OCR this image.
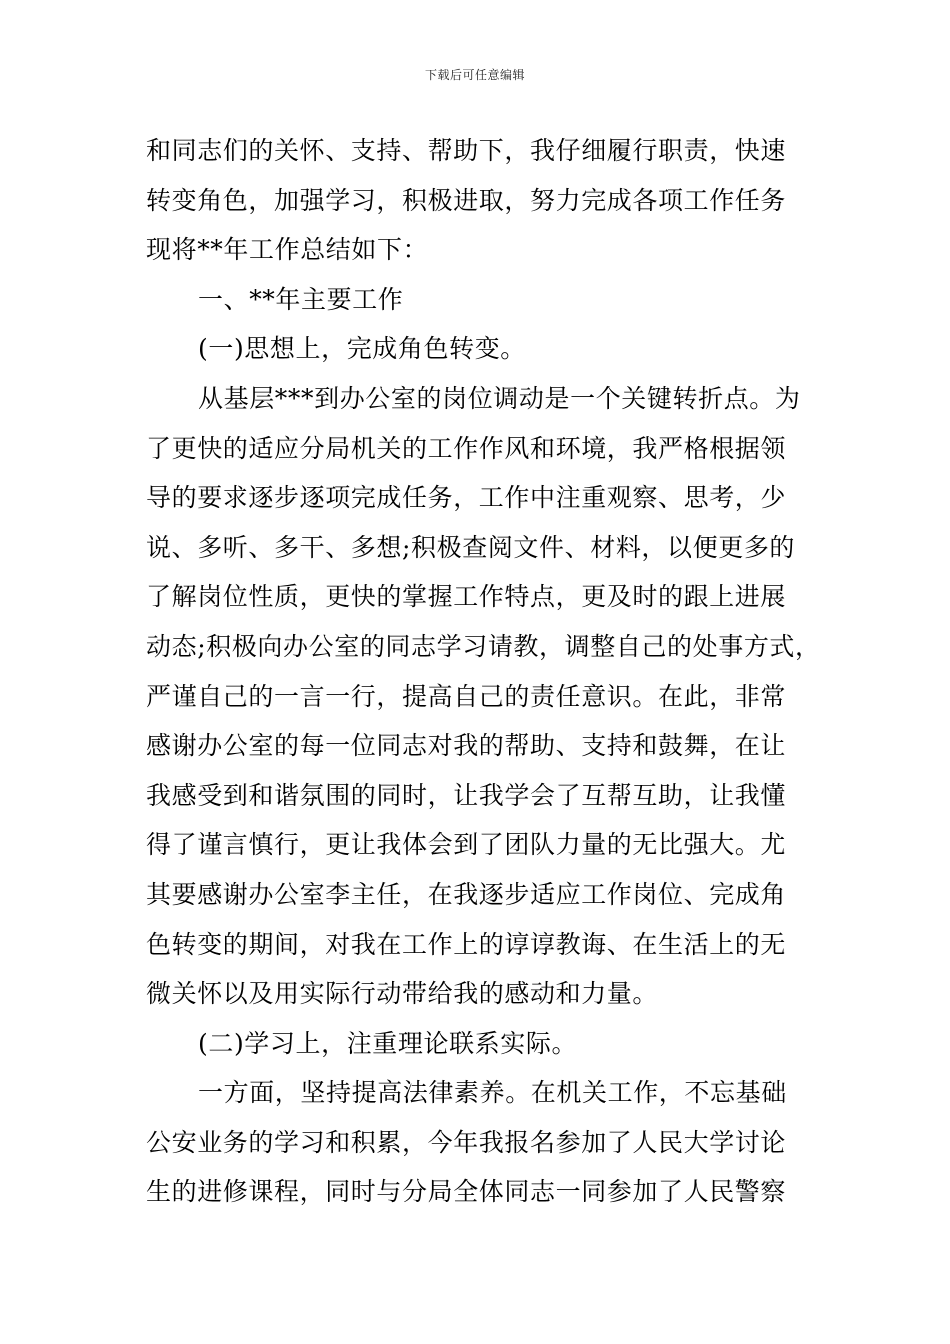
下载后可任意编辑
和同志们的关怀、支持、帮助下，我仔细履行职责，快速
转变角色，加强学习，积极进取，努力完成各项工作任务
现将**年工作总结如下：
一、**年主要工作
(一)思想上，完成角色转变。
从基层***到办公室的岗位调动是一个关键转折点。为
了更快的适应分局机关的工作作风和环境，我严格根据领
导的要求逐步逐项完成任务，工作中注重观察、思考，少
说、多听、多干、多想;积极查阅文件、材料，以便更多的
了解岗位性质，更快的掌握工作特点，更及时的跟上进展
动态;积极向办公室的同志学习请教，调整自己的处事方式，
严谨自己的一言一行，提高自己的责任意识。在此，非常
感谢办公室的每一位同志对我的帮助、支持和鼓舞，在让
我感受到和谐氛围的同时，让我学会了互帮互助，让我懂
得了谨言慎行，更让我体会到了团队力量的无比强大。尤
其要感谢办公室李主任，在我逐步适应工作岗位、完成角
色转变的期间，对我在工作上的谆谆教诲、在生活上的无
微关怀以及用实际行动带给我的感动和力量。
(二)学习上，注重理论联系实际。
一方面，坚持提高法律素养。在机关工作，不忘基础
公安业务的学习和积累，今年我报名参加了人民大学讨论
生的进修课程，同时与分局全体同志一同参加了人民警察
